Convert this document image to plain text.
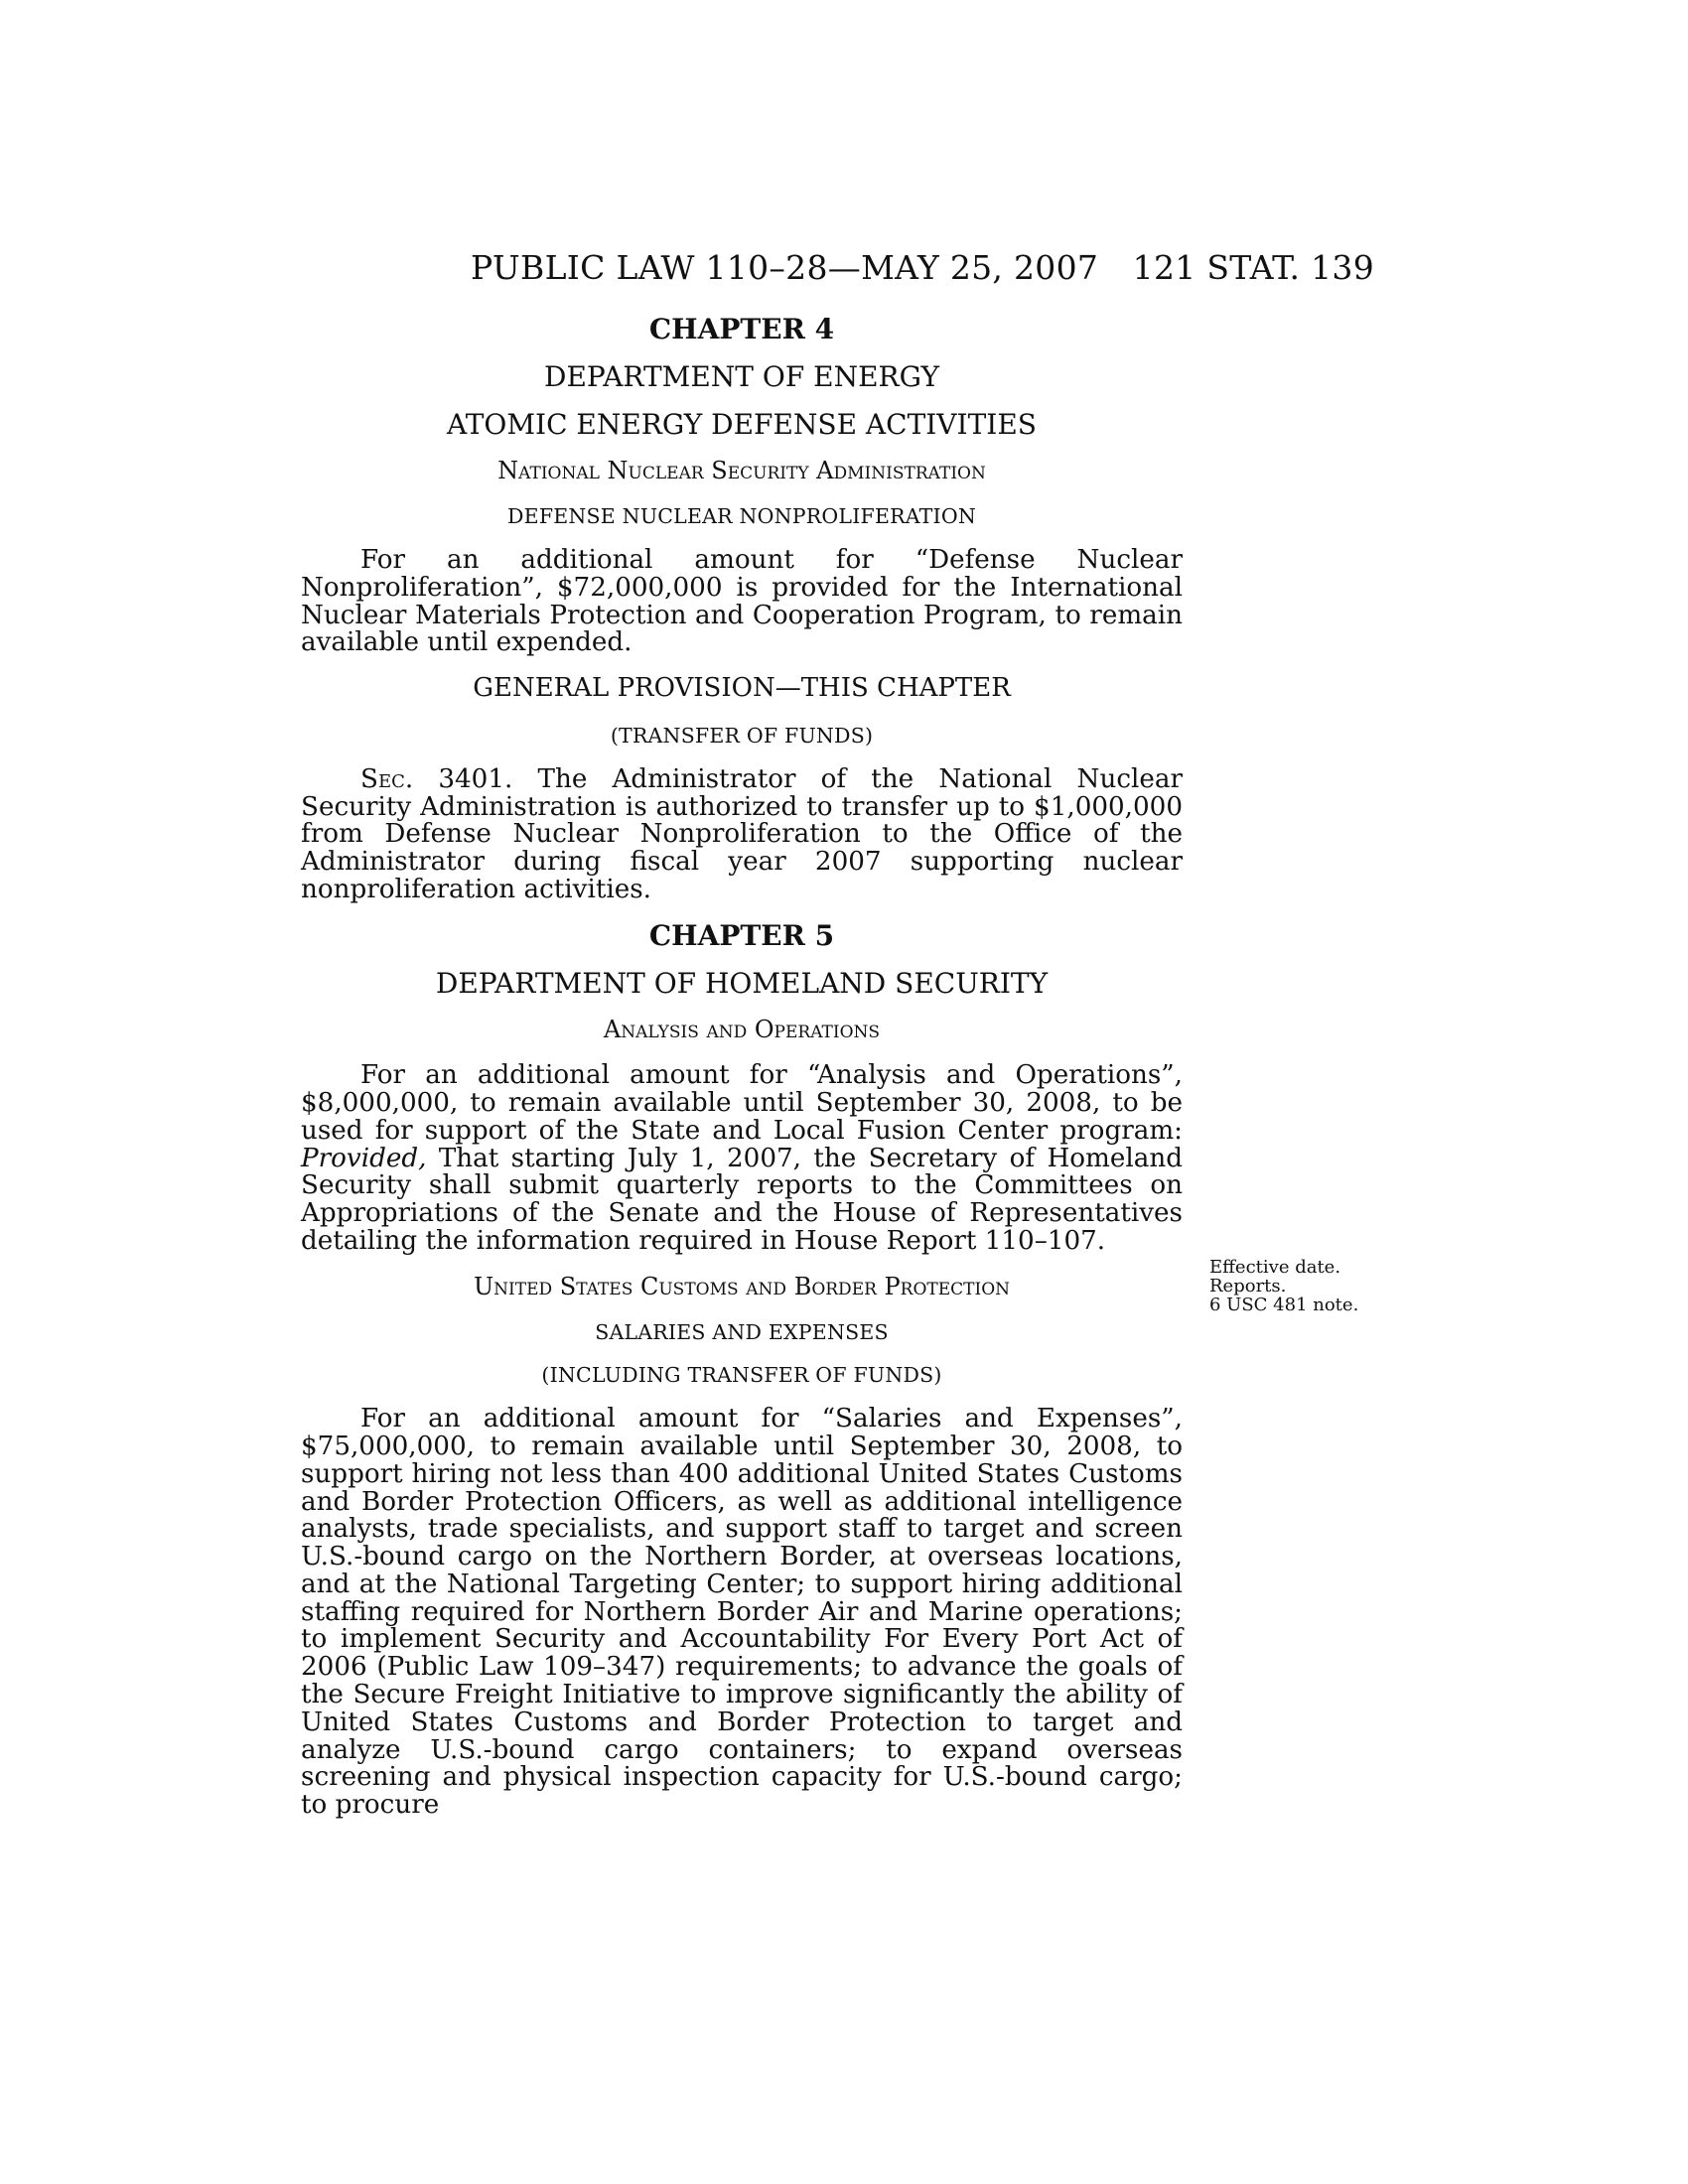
PUBLIC LAW 110–28—MAY 25, 2007 121 STAT. 139
CHAPTER 4
DEPARTMENT OF ENERGY
ATOMIC ENERGY DEFENSE ACTIVITIES
National Nuclear Security Administration
DEFENSE NUCLEAR NONPROLIFERATION

For an additional amount for “Defense Nuclear Nonproliferation”, $72,000,000 is provided for the International Nuclear Materials Protection and Cooperation Program, to remain available until expended.

GENERAL PROVISION—THIS CHAPTER
(TRANSFER OF FUNDS)

Sec. 3401. The Administrator of the National Nuclear Security Administration is authorized to transfer up to $1,000,000 from Defense Nuclear Nonproliferation to the Office of the Administrator during fiscal year 2007 supporting nuclear nonproliferation activities.

CHAPTER 5
DEPARTMENT OF HOMELAND SECURITY
Analysis and Operations

For an additional amount for “Analysis and Operations”, $8,000,000, to remain available until September 30, 2008, to be used for support of the State and Local Fusion Center program: Provided, That starting July 1, 2007, the Secretary of Homeland Security shall submit quarterly reports to the Committees on Appropriations of the Senate and the House of Representatives detailing the information required in House Report 110–107.

United States Customs and Border Protection
SALARIES AND EXPENSES
(INCLUDING TRANSFER OF FUNDS)

For an additional amount for “Salaries and Expenses”, $75,000,000, to remain available until September 30, 2008, to support hiring not less than 400 additional United States Customs and Border Protection Officers, as well as additional intelligence analysts, trade specialists, and support staff to target and screen U.S.-bound cargo on the Northern Border, at overseas locations, and at the National Targeting Center; to support hiring additional staffing required for Northern Border Air and Marine operations; to implement Security and Accountability For Every Port Act of 2006 (Public Law 109–347) requirements; to advance the goals of the Secure Freight Initiative to improve significantly the ability of United States Customs and Border Protection to target and analyze U.S.-bound cargo containers; to expand overseas screening and physical inspection capacity for U.S.-bound cargo; to procure

Effective date.
Reports.
6 USC 481 note.
